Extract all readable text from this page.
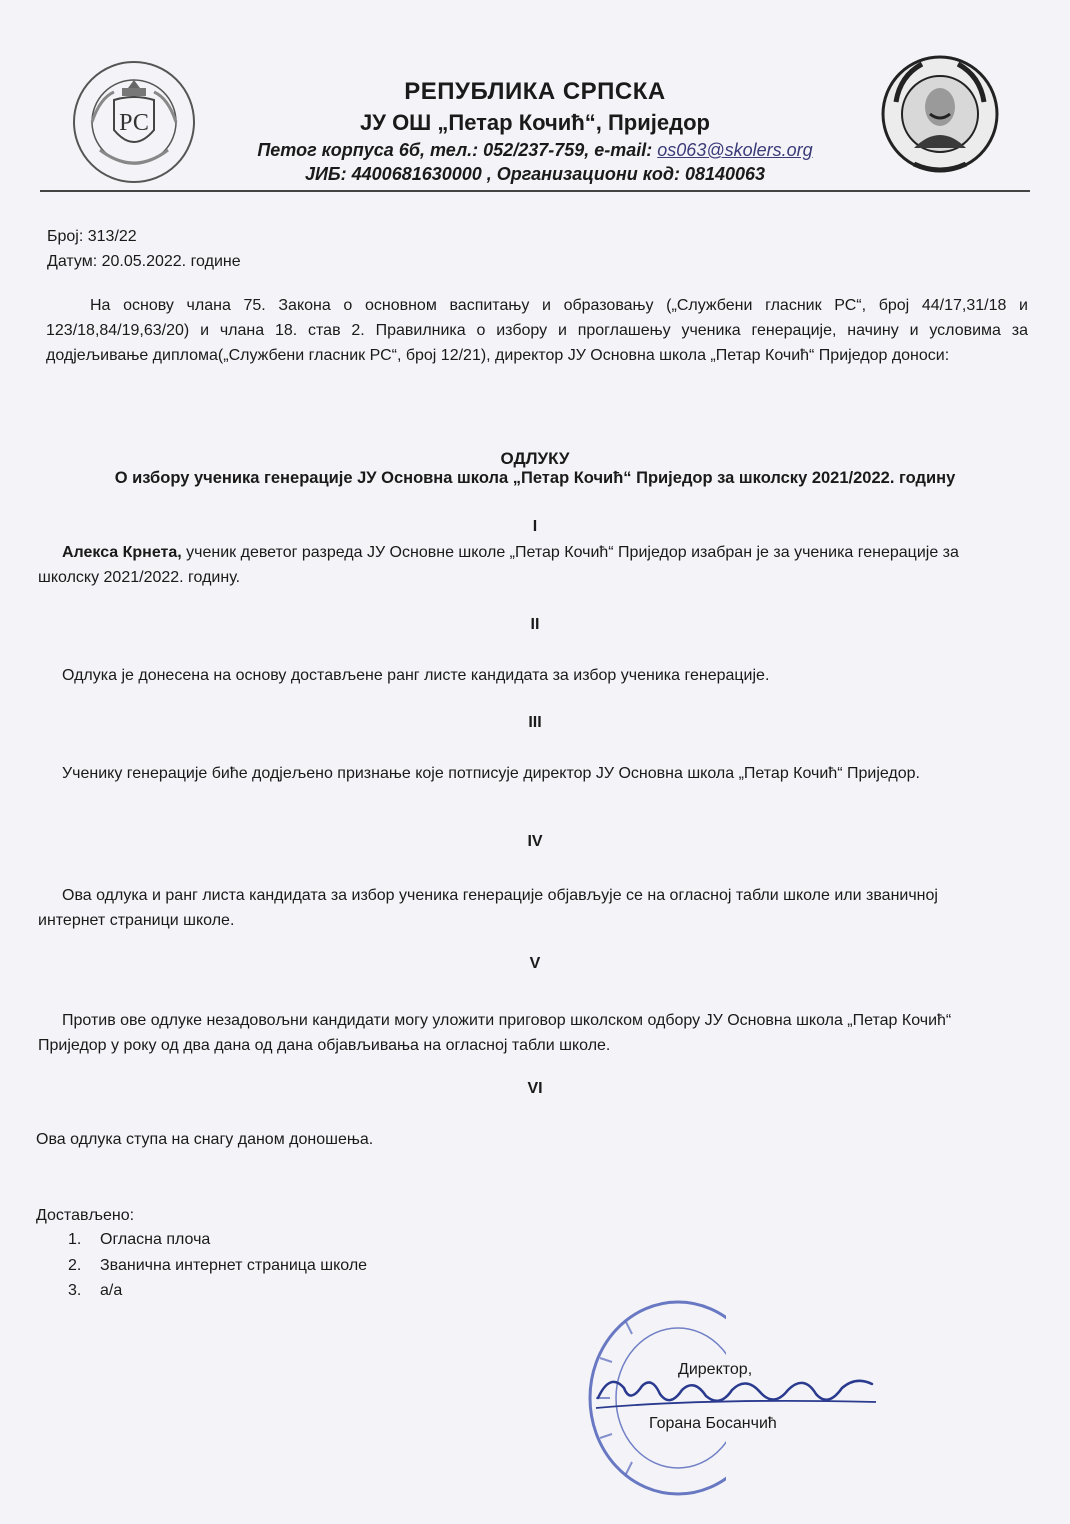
РС
РЕПУБЛИКА СРПСКА
ЈУ ОШ „Петар Кочић“, Приједор
Петог корпуса 6б, тел.: 052/237-759, e-mail: os063@skolers.org
ЈИБ: 4400681630000 , Организациони код: 08140063
Број: 313/22
Датум: 20.05.2022. године
На основу члана 75. Закона о основном васпитању и образовању („Службени гласник РС“, број 44/17,31/18 и 123/18,84/19,63/20) и члана 18. став 2. Правилника о избору и проглашењу ученика генерације, начину и условима за додјељивање диплома(„Службени гласник РС“, број 12/21), директор ЈУ Основна школа „Петар Кочић“ Приједор доноси:
ОДЛУКУ
О избору ученика генерације ЈУ Основна школа „Петар Кочић“ Приједор за школску 2021/2022. годину
I
Алекса Крнета, ученик деветог разреда ЈУ Основне школе „Петар Кочић“ Приједор изабран је за ученика генерације за школску 2021/2022. годину.
II
Одлука је донесена на основу достављене ранг листе кандидата за избор ученика генерације.
III
Ученику генерације биће додјељено признање које потписује директор ЈУ Основна школа „Петар Кочић“ Приједор.
IV
Ова одлука и ранг листа кандидата за избор ученика генерације објављује се на огласној табли школе или званичној интернет страници школе.
V
Против ове одлуке незадовољни кандидати могу уложити приговор школском одбору ЈУ Основна школа „Петар Кочић“ Приједор у року од два дана од дана објављивања на огласној табли школе.
VI
Ова одлука ступа на снагу даном доношења.
Достављено:
1. Огласна плоча
2. Званична интернет страница школе
3. а/а
Директор,
Горана Босанчић
